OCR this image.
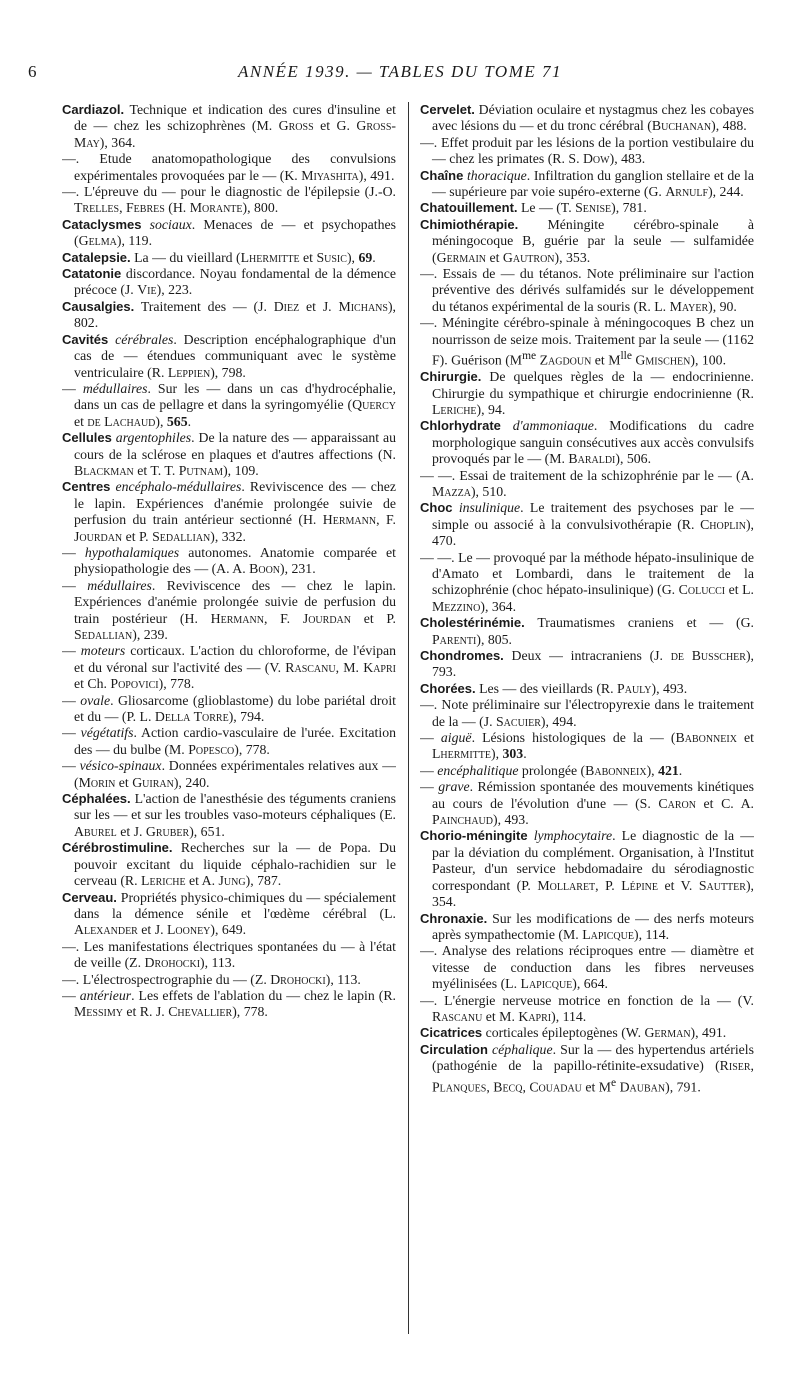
6	ANNÉE 1939. — TABLES DU TOME 71

Cardiazol. Technique et indication des cures d'insuline et de — chez les schizophrènes (M. Gross et G. Gross-May), 364.

—. Etude anatomopathologique des convulsions expérimentales provoquées par le — (K. Miyashita), 491.

—. L'épreuve du — pour le diagnostic de l'épilepsie (J.-O. Trelles, Febres (H. Morante), 800.

Cataclysmes sociaux. Menaces de — et psychopathes (Gelma), 119.

Catalepsie. La — du vieillard (Lhermitte et Susic), 69.

Catatonie discordance. Noyau fondamental de la démence précoce (J. Vie), 223.

Causalgies. Traitement des — (J. Diez et J. Michans), 802.

Cavités cérébrales. Description encéphalographique d'un cas de — étendues communiquant avec le système ventriculaire (R. Leppien), 798.

— médullaires. Sur les — dans un cas d'hydrocéphalie, dans un cas de pellagre et dans la syringomyélie (Quercy et de Lachaud), 565.

Cellules argentophiles. De la nature des — apparaissant au cours de la sclérose en plaques et d'autres affections (N. Blackman et T. T. Putnam), 109.

Centres encéphalo-médullaires. Reviviscence des — chez le lapin. Expériences d'anémie prolongée suivie de perfusion du train antérieur sectionné (H. Hermann, F. Jourdan et P. Sedallian), 332.

— hypothalamiques autonomes. Anatomie comparée et physiopathologie des — (A. A. Boon), 231.

— médullaires. Reviviscence des — chez le lapin. Expériences d'anémie prolongée suivie de perfusion du train postérieur (H. Hermann, F. Jourdan et P. Sedallian), 239.

— moteurs corticaux. L'action du chloroforme, de l'évipan et du véronal sur l'activité des — (V. Rascanu, M. Kapri et Ch. Popovici), 778.

— ovale. Gliosarcome (glioblastome) du lobe pariétal droit et du — (P. L. Della Torre), 794.

— végétatifs. Action cardio-vasculaire de l'urée. Excitation des — du bulbe (M. Popesco), 778.

— vésico-spinaux. Données expérimentales relatives aux — (Morin et Guiran), 240.

Céphalées. L'action de l'anesthésie des téguments craniens sur les — et sur les troubles vaso-moteurs céphaliques (E. Aburel et J. Gruber), 651.

Cérébrostimuline. Recherches sur la — de Popa. Du pouvoir excitant du liquide céphalo-rachidien sur le cerveau (R. Leriche et A. Jung), 787.

Cerveau. Propriétés physico-chimiques du — spécialement dans la démence sénile et l'œdème cérébral (L. Alexander et J. Looney), 649.

—. Les manifestations électriques spontanées du — à l'état de veille (Z. Drohocki), 113.

—. L'électrospectrographie du — (Z. Drohocki), 113.

— antérieur. Les effets de l'ablation du — chez le lapin (R. Messimy et R. J. Chevallier), 778.

Cervelet. Déviation oculaire et nystagmus chez les cobayes avec lésions du — et du tronc cérébral (Buchanan), 488.

—. Effet produit par les lésions de la portion vestibulaire du — chez les primates (R. S. Dow), 483.

Chaîne thoracique. Infiltration du ganglion stellaire et de la — supérieure par voie supéro-externe (G. Arnulf), 244.

Chatouillement. Le — (T. Senise), 781.

Chimiothérapie. Méningite cérébro-spinale à méningocoque B, guérie par la seule — sulfamidée (Germain et Gautron), 353.

—. Essais de — du tétanos. Note préliminaire sur l'action préventive des dérivés sulfamidés sur le développement du tétanos expérimental de la souris (R. L. Mayer), 90.

—. Méningite cérébro-spinale à méningocoques B chez un nourrisson de seize mois. Traitement par la seule — (1162 F). Guérison ($M^{me}$ Zagdoun et $M^{lle}$ Gmischen), 100.

Chirurgie. De quelques règles de la — endocrinienne. Chirurgie du sympathique et chirurgie endocrinienne (R. Leriche), 94.

Chlorhydrate d'ammoniaque. Modifications du cadre morphologique sanguin consécutives aux accès convulsifs provoqués par le — (M. Baraldi), 506.

— —. Essai de traitement de la schizophrénie par le — (A. Mazza), 510.

Choc insulinique. Le traitement des psychoses par le — simple ou associé à la convulsivothérapie (R. Choplin), 470.

— —. Le — provoqué par la méthode hépato-insulinique de d'Amato et Lombardi, dans le traitement de la schizophrénie (choc hépato-insulinique) (G. Colucci et L. Mezzino), 364.

Cholestérinémie. Traumatismes craniens et — (G. Parenti), 805.

Chondromes. Deux — intracraniens (J. de Busscher), 793.

Chorées. Les — des vieillards (R. Pauly), 493.

—. Note préliminaire sur l'électropyrexie dans le traitement de la — (J. Sacuier), 494.

— aiguë. Lésions histologiques de la — (Babonneix et Lhermitte), 303.

— encéphalitique prolongée (Babonneix), 421.

— grave. Rémission spontanée des mouvements kinétiques au cours de l'évolution d'une — (S. Caron et C. A. Painchaud), 493.

Chorio-méningite lymphocytaire. Le diagnostic de la — par la déviation du complément. Organisation, à l'Institut Pasteur, d'un service hebdomadaire du sérodiagnostic correspondant (P. Mollaret, P. Lépine et V. Sautter), 354.

Chronaxie. Sur les modifications de — des nerfs moteurs après sympathectomie (M. Lapicque), 114.

—. Analyse des relations réciproques entre — diamètre et vitesse de conduction dans les fibres nerveuses myélinisées (L. Lapicque), 664.

—. L'énergie nerveuse motrice en fonction de la — (V. Rascanu et M. Kapri), 114.

Cicatrices corticales épileptogènes (W. German), 491.

Circulation céphalique. Sur la — des hypertendus artériels (pathogénie de la papillo-rétinite-exsudative) (Riser, Planques, Becq, Couadau et Me Dauban), 791.
